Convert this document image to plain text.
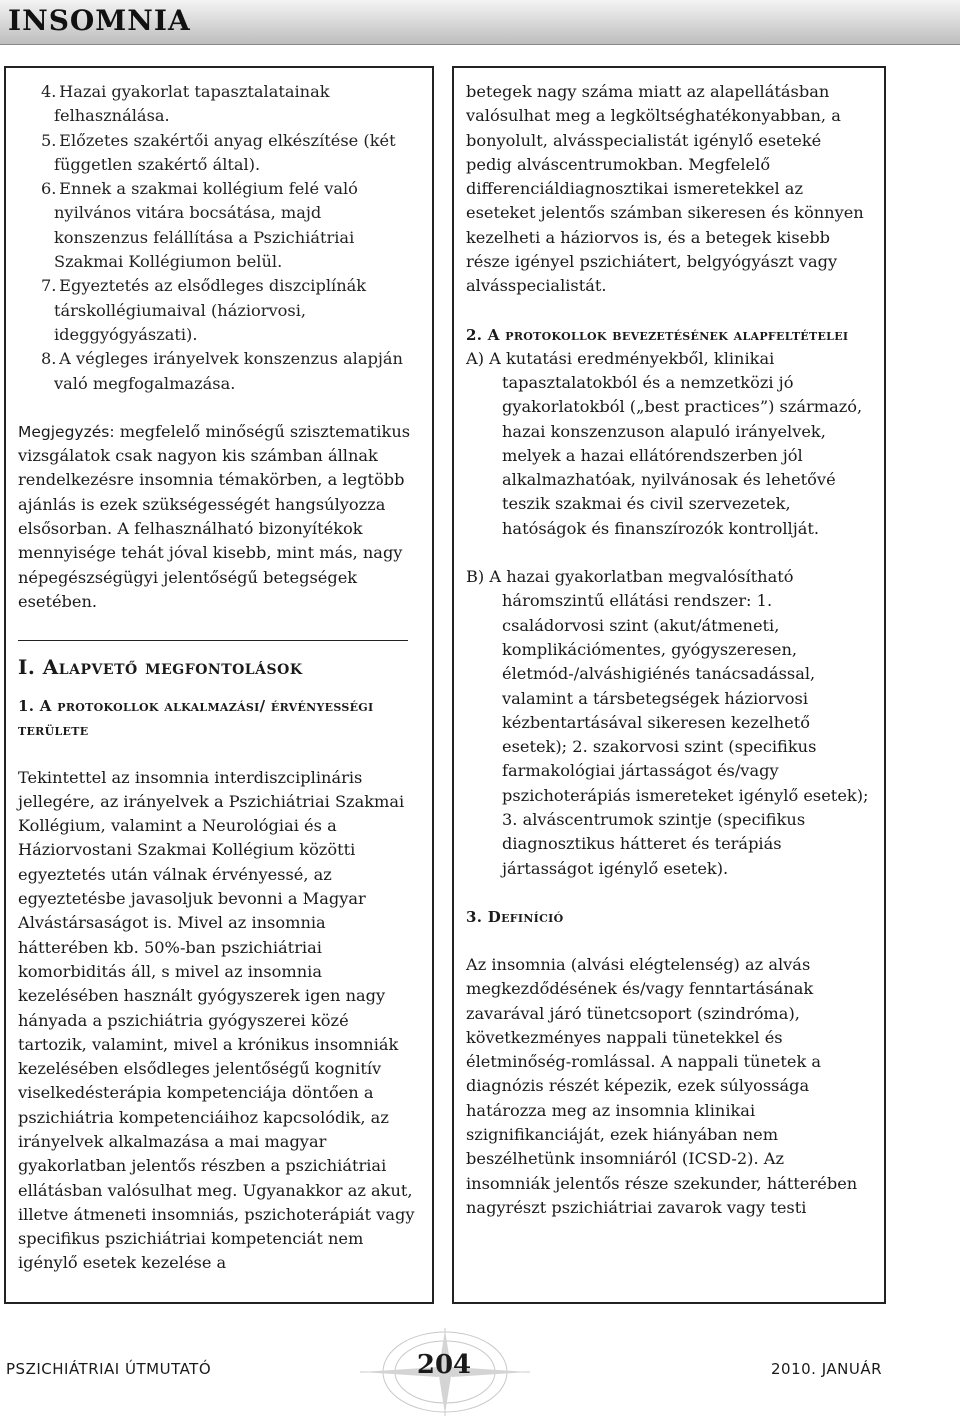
INSOMNIA
4. Hazai gyakorlat tapasztalatainak felhasználása.
5. Előzetes szakértői anyag elkészítése (két független szakértő által).
6. Ennek a szakmai kollégium felé való nyilvános vitára bocsátása, majd konszenzus felállítása a Pszichiátriai Szakmai Kollégiumon belül.
7. Egyeztetés az elsődleges diszciplínák társkollégiumaival (háziorvosi, ideggyógyászati).
8. A végleges irányelvek konszenzus alapján való megfogalmazása.

Megjegyzés: megfelelő minőségű szisztematikus vizsgálatok csak nagyon kis számban állnak rendelkezésre insomnia témakörben, a legtöbb ajánlás is ezek szükségességét hangsúlyozza elsősorban. A felhasználható bizonyítékok mennyisége tehát jóval kisebb, mint más, nagy népegészségügyi jelentőségű betegségek esetében.

I. Alapvető megfontolások
1. A protokollok alkalmazási/ érvényességi területe

Tekintettel az insomnia interdiszciplináris jellegére, az irányelvek a Pszichiátriai Szakmai Kollégium, valamint a Neurológiai és a Háziorvostani Szakmai Kollégium közötti egyeztetés után válnak érvényessé, az egyeztetésbe javasoljuk bevonni a Magyar Alvástársaságot is. Mivel az insomnia hátterében kb. 50%-ban pszichiátriai komorbiditás áll, s mivel az insomnia kezelésében használt gyógyszerek igen nagy hányada a pszichiátria gyógyszerei közé tartozik, valamint, mivel a krónikus insomniák kezelésében elsődleges jelentőségű kognitív viselkedésterápia kompetenciája döntően a pszichiátria kompetenciáihoz kapcsolódik, az irányelvek alkalmazása a mai magyar gyakorlatban jelentős részben a pszichiátriai ellátásban valósulhat meg. Ugyanakkor az akut, illetve átmeneti insomniás, pszichoterápiát vagy specifikus pszichiátriai kompetenciát nem igénylő esetek kezelése a

betegek nagy száma miatt az alapellátásban valósulhat meg a legköltséghatékonyabban, a bonyolult, alvásspecialistát igénylő eseteké pedig alváscentrumokban. Megfelelő differenciáldiagnosztikai ismeretekkel az eseteket jelentős számban sikeresen és könnyen kezelheti a háziorvos is, és a betegek kisebb része igényel pszichiátert, belgyógyászt vagy alvásspecialistát.

2. A protokollok bevezetésének alapfeltételei
A) A kutatási eredményekből, klinikai tapasztalatokból és a nemzetközi jó gyakorlatokból („best practices”) származó, hazai konszenzuson alapuló irányelvek, melyek a hazai ellátórendszerben jól alkalmazhatóak, nyilvánosak és lehetővé teszik szakmai és civil szervezetek, hatóságok és finanszírozók kontrollját.
B) A hazai gyakorlatban megvalósítható háromszintű ellátási rendszer: 1. családorvosi szint (akut/átmeneti, komplikációmentes, gyógyszeresen, életmód-/alváshigiénés tanácsadással, valamint a társbetegségek háziorvosi kézbentartásával sikeresen kezelhető esetek); 2. szakorvosi szint (specifikus farmakológiai jártasságot és/vagy pszichoterápiás ismereteket igénylő esetek); 3. alváscentrumok szintje (specifikus diagnosztikus hátteret és terápiás jártasságot igénylő esetek).
3. Definíció

Az insomnia (alvási elégtelenség) az alvás megkezdődésének és/vagy fenntartásának zavarával járó tünetcsoport (szindróma), következményes nappali tünetekkel és életminőség-romlással. A nappali tünetek a diagnózis részét képezik, ezek súlyossága határozza meg az insomnia klinikai szignifikanciáját, ezek hiányában nem beszélhetünk insomniáról (ICSD-2). Az insomniák jelentős része szekunder, hátterében nagyrészt pszichiátriai zavarok vagy testi

PSZICHIÁTRIAI ÚTMUTATÓ	204	2010. JANUÁR
